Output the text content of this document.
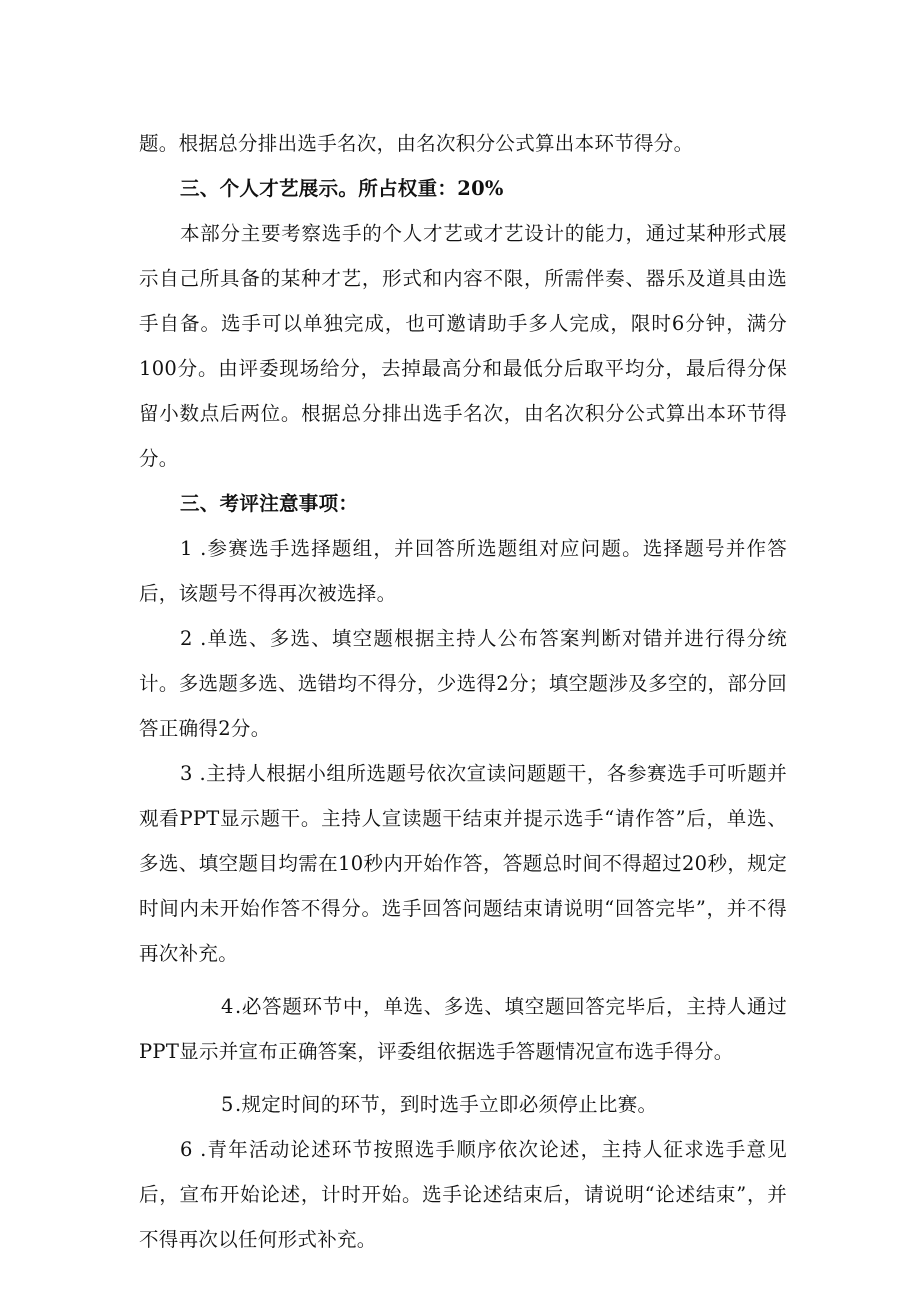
题。根据总分排出选手名次，由名次积分公式算出本环节得分。

三、个人才艺展示。所占权重：20%

本部分主要考察选手的个人才艺或才艺设计的能力，通过某种形式展示自己所具备的某种才艺，形式和内容不限，所需伴奏、器乐及道具由选手自备。选手可以单独完成，也可邀请助手多人完成，限时6分钟，满分100分。由评委现场给分，去掉最高分和最低分后取平均分，最后得分保留小数点后两位。根据总分排出选手名次，由名次积分公式算出本环节得分。

三、考评注意事项：

1 .参赛选手选择题组，并回答所选题组对应问题。选择题号并作答后，该题号不得再次被选择。

2 .单选、多选、填空题根据主持人公布答案判断对错并进行得分统计。多选题多选、选错均不得分，少选得2分；填空题涉及多空的，部分回答正确得2分。

3 .主持人根据小组所选题号依次宣读问题题干，各参赛选手可听题并观看PPT显示题干。主持人宣读题干结束并提示选手“请作答”后，单选、多选、填空题目均需在10秒内开始作答，答题总时间不得超过20秒，规定时间内未开始作答不得分。选手回答问题结束请说明“回答完毕”，并不得再次补充。

4.必答题环节中，单选、多选、填空题回答完毕后，主持人通过PPT显示并宣布正确答案，评委组依据选手答题情况宣布选手得分。

5.规定时间的环节，到时选手立即必须停止比赛。

6 .青年活动论述环节按照选手顺序依次论述，主持人征求选手意见后，宣布开始论述，计时开始。选手论述结束后，请说明“论述结束”，并不得再次以任何形式补充。
